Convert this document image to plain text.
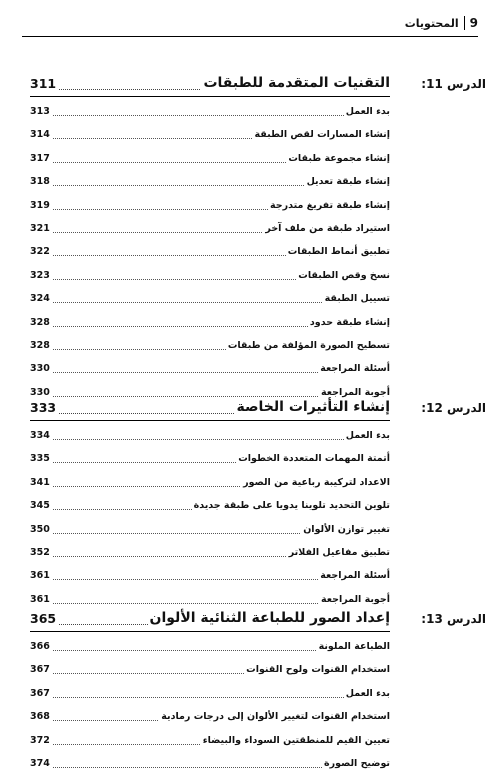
المحتويات 9
الدرس 11:
التقنيات المتقدمة للطبقات
311
بدء العمل
313
إنشاء المسارات لقص الطبقة
314
إنشاء مجموعة طبقات
317
إنشاء طبقة تعديل
318
إنشاء طبقة تفريغ متدرجة
319
استيراد طبقة من ملف آخر
321
تطبيق أنماط الطبقات
322
نسخ وقص الطبقات
323
تسييل الطبقة
324
إنشاء طبقة حدود
328
تسطيح الصورة المؤلفة من طبقات
328
أسئلة المراجعة
330
أجوبة المراجعة
330
الدرس 12:
إنشاء التأثيرات الخاصة
333
بدء العمل
334
أتمتة المهمات المتعددة الخطوات
335
الاعداد لتركيبة رباعية من الصور
341
تلوين التحديد تلوينا يدويا على طبقة جديدة
345
تغيير توازن الألوان
350
تطبيق مفاعيل الفلاتر
352
أسئلة المراجعة
361
أجوبة المراجعة
361
الدرس 13:
إعداد الصور للطباعة الثنائية الألوان
365
الطباعة الملونة
366
استخدام القنوات ولوح القنوات
367
بدء العمل
367
استخدام القنوات لتغيير الألوان إلى درجات رمادية
368
تعيين القيم للمنطقتين السوداء والبيضاء
372
توضيح الصورة
374
